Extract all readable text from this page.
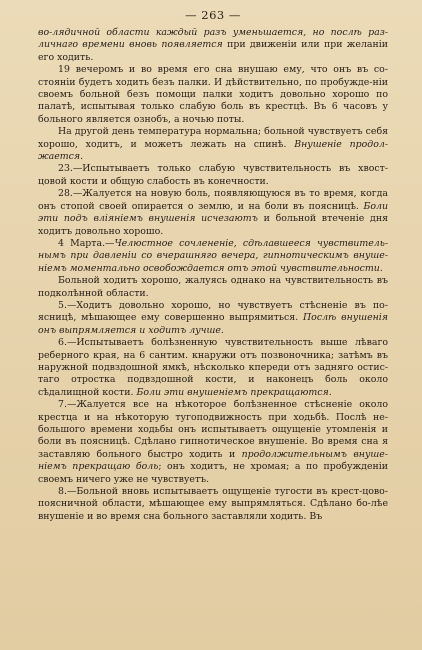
— 263 —

во-лядичной области каждый разъ уменьшается, но послѣ раз-личнаго времени вновь появляется при движенiи или при желанiи его ходить.

19 вечеромъ и во время его сна внушаю ему, что онъ въ со-стоянiи будетъ ходить безъ палки. И дѣйствительно, по пробужде-нiи своемъ больной безъ помощи палки ходитъ довольно хорошо по палатѣ, испытывая только слабую боль въ крестцѣ. Въ 6 часовъ у больного является ознобъ, а ночью поты.

На другой день температура нормальна; больной чувствуетъ себя хорошо, ходитъ, и можетъ лежать на спинѣ. Внушенiе продол-жается.

23.—Испытываетъ только слабую чувствительность въ хвост-цовой кости и общую слабость въ конечности.

28.—Жалуется на новую боль, появляющуюся въ то время, когда онъ стопой своей опирается о землю, и на боли въ поясницѣ. Боли эти подъ влiянiемъ внушенiя исчезаютъ и больной втеченiе дня ходитъ довольно хорошо.

4 Марта.—Челюстное сочлененiе, сдѣлавшееся чувствитель-нымъ при давленiи со вчерашняго вечера, гипнотическимъ внуше-нiемъ моментально освобождается отъ этой чувствительности.

Больной ходитъ хорошо, жалуясь однако на чувствительность въ подколѣнной области.

5.—Ходитъ довольно хорошо, но чувствуетъ стѣсненiе въ по-ясницѣ, мѣшающее ему совершенно выпрямиться. Послѣ внушенiя онъ выпрямляется и ходитъ лучше.

6.—Испытываетъ болѣзненную чувствительность выше лѣваго реберного края, на 6 сантим. кнаружи отъ позвоночника; затѣмъ въ наружной подвздошной ямкѣ, нѣсколько кпереди отъ задняго остис-таго отростка подвздошной кости, и наконецъ боль около сѣдалищной кости. Боли эти внушенiемъ прекращаются.

7.—Жалуется все на нѣкоторое болѣзненное стѣсненiе около крестца и на нѣкоторую тугоподвижность при ходьбѣ. Послѣ не-большого времени ходьбы онъ испытываетъ ощущенiе утомленiя и боли въ поясницѣ. Сдѣлано гипнотическое внушенiе. Во время сна я заставляю больного быстро ходить и продолжительнымъ внуше-нiемъ прекращаю боль; онъ ходитъ, не хромая; а по пробужденiи своемъ ничего уже не чувствуетъ.

8.—Больной вновь испытываетъ ощущенiе тугости въ крест-цово-поясничной области, мѣшающее ему выпрямляться. Сдѣлано бо-лѣе внушенiе и во время сна больного заставляли ходить. Въ
